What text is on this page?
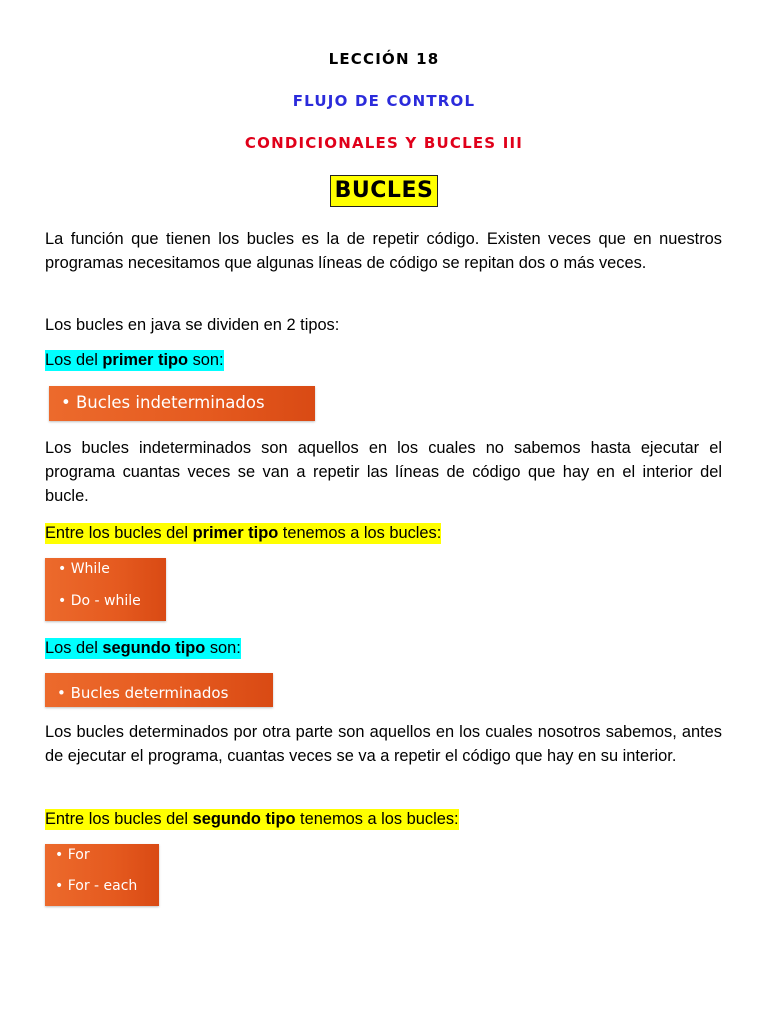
LECCIÓN 18
FLUJO DE CONTROL
CONDICIONALES Y BUCLES III
BUCLES

La función que tienen los bucles es la de repetir código. Existen veces que en nuestros programas necesitamos que algunas líneas de código se repitan dos o más veces.

Los bucles en java se dividen en 2 tipos:

Los del primer tipo son:

• Bucles indeterminados

Los bucles indeterminados son aquellos en los cuales no sabemos hasta ejecutar el programa cuantas veces se van a repetir las líneas de código que hay en el interior del bucle.

Entre los bucles del primer tipo tenemos a los bucles:

• While
• Do - while

Los del segundo tipo son:

• Bucles determinados

Los bucles determinados por otra parte son aquellos en los cuales nosotros sabemos, antes de ejecutar el programa, cuantas veces se va a repetir el código que hay en su interior.

Entre los bucles del segundo tipo tenemos a los bucles:

• For
• For - each
